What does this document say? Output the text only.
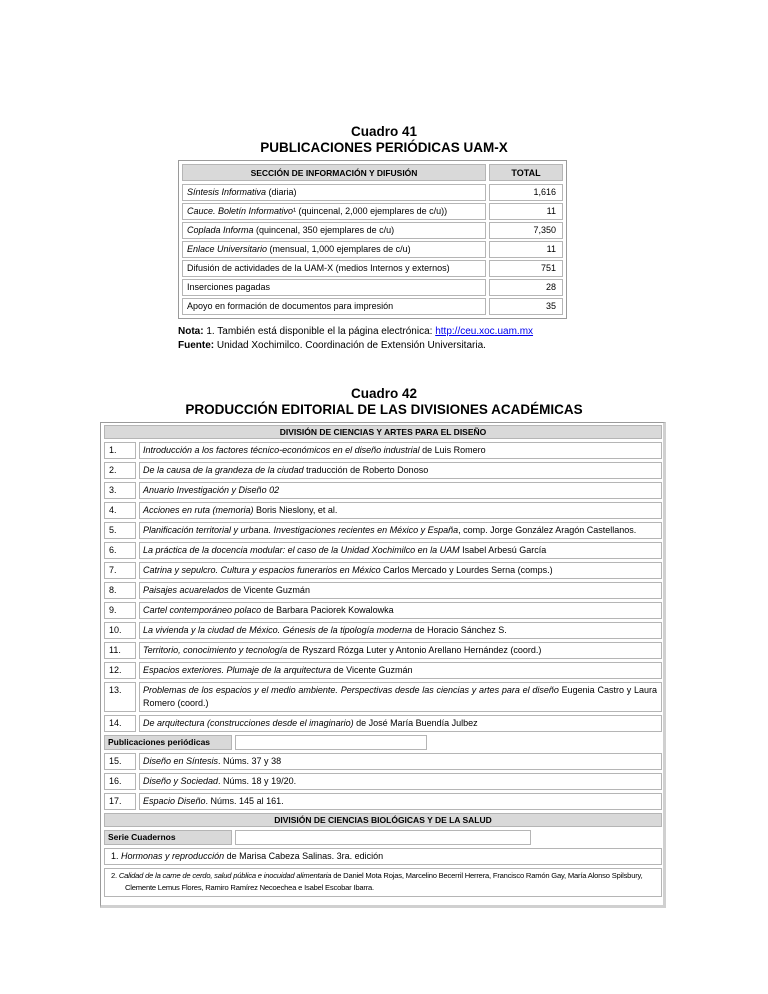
Cuadro 41
PUBLICACIONES PERIÓDICAS UAM-X
SECCIÓN DE INFORMACIÓN Y DIFUSIÓN	TOTAL
Síntesis Informativa (diaria)	1,616
Cauce. Boletín Informativo¹ (quincenal, 2,000 ejemplares de c/u))	11
Coplada Informa (quincenal, 350 ejemplares de c/u)	7,350
Enlace Universitario (mensual, 1,000 ejemplares de c/u)	11
Difusión de actividades de la UAM-X (medios Internos y externos)	751
Inserciones pagadas	28
Apoyo en formación de documentos para impresión	35
Nota: 1. También está disponible el la página electrónica: http://ceu.xoc.uam.mx
Fuente: Unidad Xochimilco. Coordinación de Extensión Universitaria.
Cuadro 42
PRODUCCIÓN EDITORIAL DE LAS DIVISIONES ACADÉMICAS
DIVISIÓN DE CIENCIAS Y ARTES PARA EL DISEÑO
1.	Introducción a los factores técnico-económicos en el diseño industrial de Luis Romero
2.	De la causa de la grandeza de la ciudad traducción de Roberto Donoso
3.	Anuario Investigación y Diseño 02
4.	Acciones en ruta (memoria) Boris Nieslony, et al.
5.	Planificación territorial y urbana. Investigaciones recientes en México y España, comp. Jorge González Aragón Castellanos.
6.	La práctica de la docencia modular: el caso de la Unidad Xochimilco en la UAM Isabel Arbesú García
7.	Catrina y sepulcro. Cultura y espacios funerarios en México Carlos Mercado y Lourdes Serna (comps.)
8.	Paisajes acuarelados de Vicente Guzmán
9.	Cartel contemporáneo polaco de Barbara Paciorek Kowalowka
10.	La vivienda y la ciudad de México. Génesis de la tipología moderna de Horacio Sánchez S.
11.	Territorio, conocimiento y tecnología de Ryszard Rózga Luter y Antonio Arellano Hernández (coord.)
12.	Espacios exteriores. Plumaje de la arquitectura de Vicente Guzmán
13.	Problemas de los espacios y el medio ambiente. Perspectivas desde las ciencias y artes para el diseño Eugenia Castro y Laura Romero (coord.)
14.	De arquitectura (construcciones desde el imaginario) de José María Buendía Julbez
Publicaciones periódicas
15.	Diseño en Síntesis. Núms. 37 y 38
16.	Diseño y Sociedad. Núms. 18 y 19/20.
17.	Espacio Diseño. Núms. 145 al 161.
DIVISIÓN DE CIENCIAS BIOLÓGICAS Y DE LA SALUD
Serie Cuadernos
1. Hormonas y reproducción de Marisa Cabeza Salinas. 3ra. edición
2. Calidad de la carne de cerdo, salud pública e inocuidad alimentaria de Daniel Mota Rojas, Marcelino Becerril Herrera, Francisco Ramón Gay, María Alonso Spilsbury, Clemente Lemus Flores, Ramiro Ramírez Necoechea e Isabel Escobar Ibarra.
